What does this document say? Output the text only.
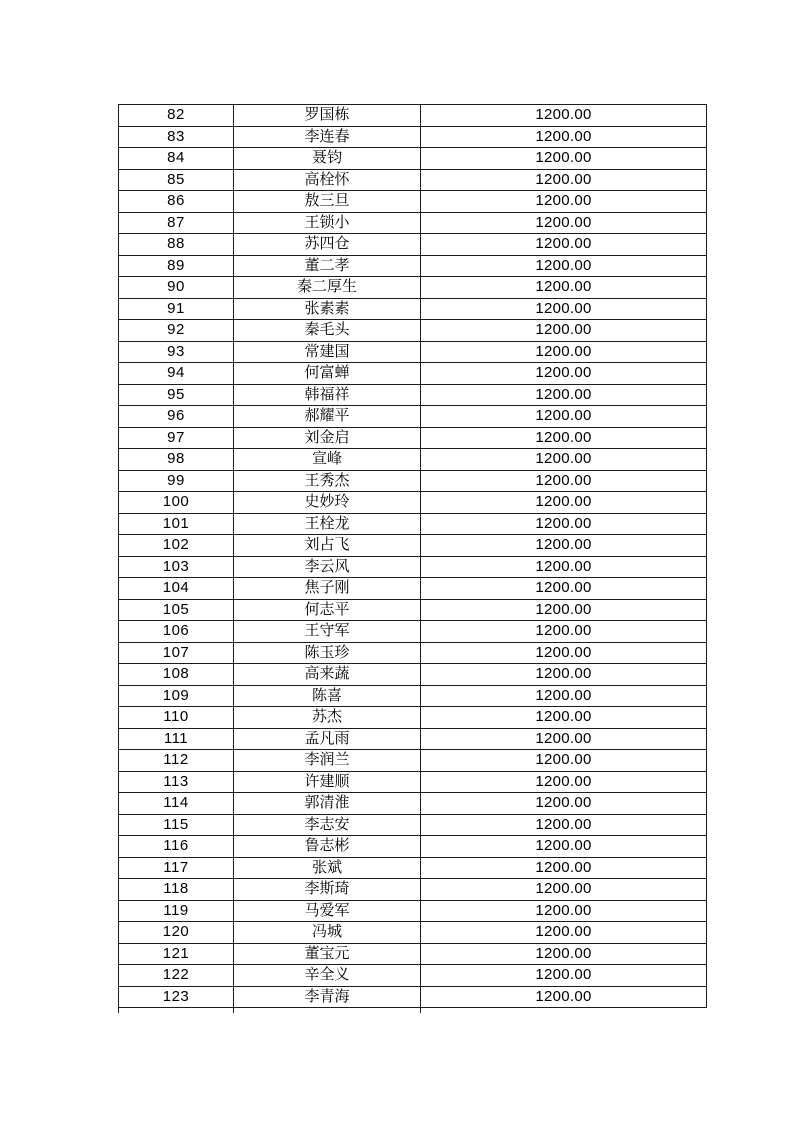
82	罗国栋	1200.00
83	李连春	1200.00
84	聂钧	1200.00
85	高栓怀	1200.00
86	敖三旦	1200.00
87	王锁小	1200.00
88	苏四仓	1200.00
89	董二孝	1200.00
90	秦二厚生	1200.00
91	张素素	1200.00
92	秦毛头	1200.00
93	常建国	1200.00
94	何富蝉	1200.00
95	韩福祥	1200.00
96	郝耀平	1200.00
97	刘金启	1200.00
98	宣峰	1200.00
99	王秀杰	1200.00
100	史妙玲	1200.00
101	王栓龙	1200.00
102	刘占飞	1200.00
103	李云风	1200.00
104	焦子刚	1200.00
105	何志平	1200.00
106	王守军	1200.00
107	陈玉珍	1200.00
108	高来蔬	1200.00
109	陈喜	1200.00
110	苏杰	1200.00
111	孟凡雨	1200.00
112	李润兰	1200.00
113	许建顺	1200.00
114	郭清淮	1200.00
115	李志安	1200.00
116	鲁志彬	1200.00
117	张斌	1200.00
118	李斯琦	1200.00
119	马爱军	1200.00
120	冯城	1200.00
121	董宝元	1200.00
122	辛全义	1200.00
123	李青海	1200.00
